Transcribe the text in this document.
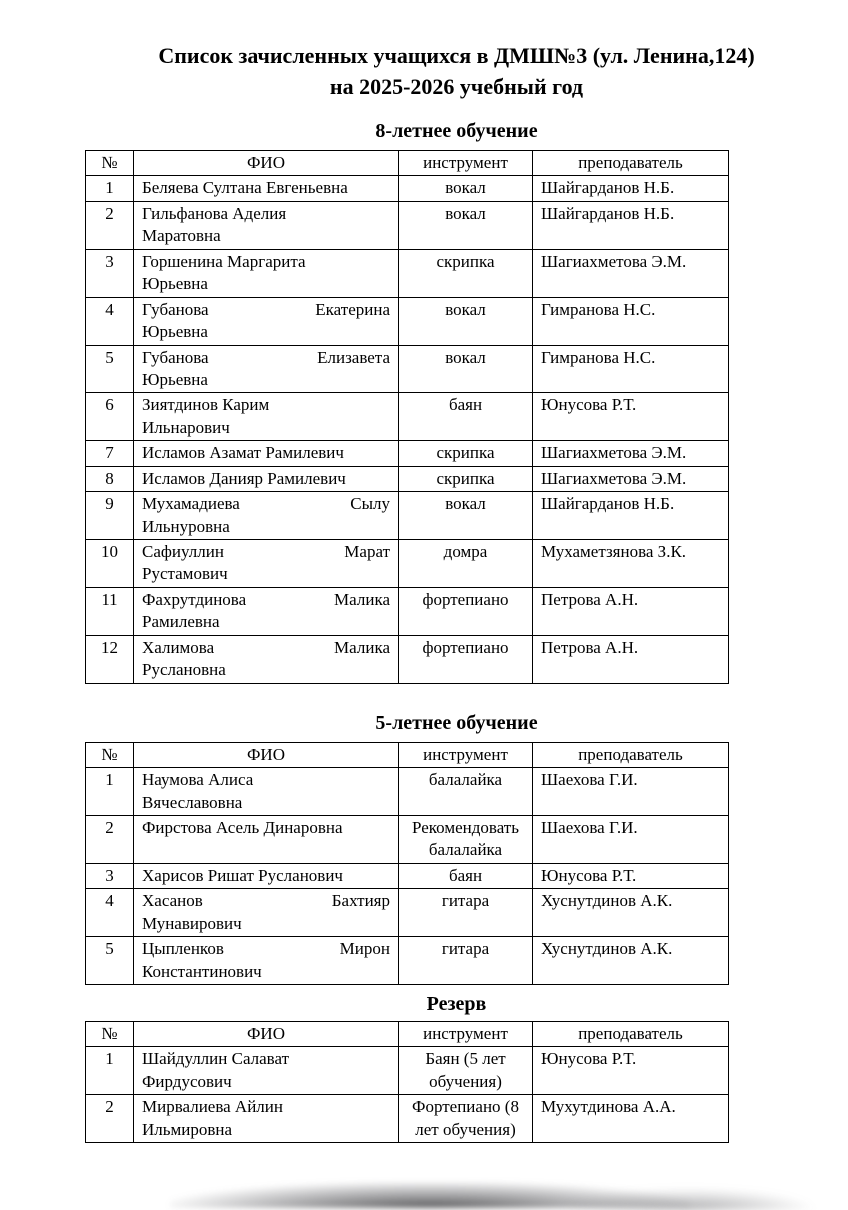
Список зачисленных учащихся в ДМШ№3 (ул. Ленина,124)
на 2025-2026 учебный год
8-летнее обучение
№	ФИО	инструмент	преподаватель
1	Беляева Султана Евгеньевна	вокал	Шайгарданов Н.Б.
2	Гильфанова Аделия
Маратовна	вокал	Шайгарданов Н.Б.
3	Горшенина Маргарита
Юрьевна	скрипка	Шагиахметова Э.М.
4	Губанова Екатерина
Юрьевна	вокал	Гимранова Н.С.
5	Губанова Елизавета
Юрьевна	вокал	Гимранова Н.С.
6	Зиятдинов Карим
Ильнарович	баян	Юнусова Р.Т.
7	Исламов Азамат Рамилевич	скрипка	Шагиахметова Э.М.
8	Исламов Данияр Рамилевич	скрипка	Шагиахметова Э.М.
9	Мухамадиева Сылу
Ильнуровна	вокал	Шайгарданов Н.Б.
10	Сафиуллин Марат
Рустамович	домра	Мухаметзянова З.К.
11	Фахрутдинова Малика
Рамилевна	фортепиано	Петрова А.Н.
12	Халимова Малика
Руслановна	фортепиано	Петрова А.Н.
5-летнее обучение
№	ФИО	инструмент	преподаватель
1	Наумова Алиса
Вячеславовна	балалайка	Шаехова Г.И.
2	Фирстова Асель Динаровна	Рекомендовать балалайка	Шаехова Г.И.
3	Харисов Ришат Русланович	баян	Юнусова Р.Т.
4	Хасанов Бахтияр
Мунавирович	гитара	Хуснутдинов А.К.
5	Цыпленков Мирон
Константинович	гитара	Хуснутдинов А.К.
Резерв
№	ФИО	инструмент	преподаватель
1	Шайдуллин Салават
Фирдусович	Баян (5 лет обучения)	Юнусова Р.Т.
2	Мирвалиева Айлин
Ильмировна	Фортепиано (8 лет обучения)	Мухутдинова А.А.
